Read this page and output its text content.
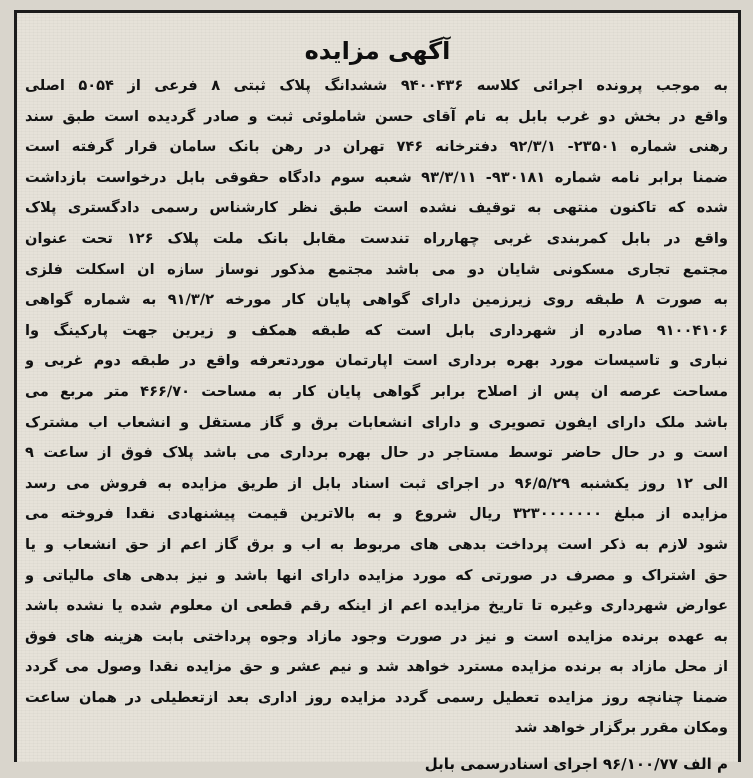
آگهی مزایده
به موجب پرونده اجرائی کلاسه ۹۴۰۰۴۳۶ ششدانگ پلاک ثبتی ۸ فرعی از ۵۰۵۴ اصلی
واقع در بخش دو غرب بابل به نام آقای حسن شاملوئی ثبت و صادر گردیده است طبق سند
رهنی شماره ۲۳۵۰۱- ۹۲/۳/۱ دفترخانه ۷۴۶ تهران در رهن بانک سامان قرار گرفته است
ضمنا برابر نامه شماره ۹۳۰۱۸۱- ۹۳/۳/۱۱ شعبه سوم دادگاه حقوقی بابل درخواست بازداشت
شده که تاکنون منتهی به توقیف نشده است طبق نظر کارشناس رسمی دادگستری پلاک
واقع در بابل کمربندی غربی چهارراه تندست مقابل بانک ملت پلاک ۱۲۶ تحت عنوان
مجتمع تجاری مسکونی شایان دو می باشد مجتمع مذکور نوساز سازه ان اسکلت فلزی
به صورت ۸ طبقه روی زیرزمین دارای گواهی پایان کار مورخه ۹۱/۳/۲ به شماره گواهی
۹۱۰۰۴۱۰۶ صادره از شهرداری بابل است که طبقه همکف و زیرین جهت پارکینگ وا
نباری و تاسیسات مورد بهره برداری است اپارتمان موردتعرفه واقع در طبقه دوم غربی و
مساحت عرصه ان پس از اصلاح برابر گواهی پایان کار به مساحت ۴۶۶/۷۰ متر مربع می
باشد ملک دارای ایفون تصویری و دارای انشعابات برق و گاز مستقل و انشعاب اب مشترک
است و در حال حاضر توسط مستاجر در حال بهره برداری می باشد پلاک فوق از ساعت ۹
الی ۱۲ روز یکشنبه ۹۶/۵/۲۹ در اجرای ثبت اسناد بابل از طریق مزایده به فروش می رسد
مزایده از مبلغ ۳۲۳۰۰۰۰۰۰۰ ریال شروع و به بالاترین قیمت پیشنهادی نقدا فروخته می
شود لازم به ذکر است پرداخت بدهی های مربوط به اب و برق گاز اعم از حق انشعاب و یا
حق اشتراک و مصرف در صورتی که مورد مزایده دارای انها باشد و نیز بدهی های مالیاتی و
عوارض شهرداری وغیره تا تاریخ مزایده اعم از اینکه رقم قطعی ان معلوم شده یا نشده باشد
به عهده برنده مزایده است و نیز در صورت وجود مازاد وجوه پرداختی بابت هزینه های فوق
از محل مازاد به برنده مزایده مسترد خواهد شد و نیم عشر و حق مزایده نقدا وصول می گردد
ضمنا چنانچه روز مزایده تعطیل رسمی گردد مزایده روز اداری بعد ازتعطیلی در همان ساعت
ومکان مقرر برگزار خواهد شد
م الف ۹۶/۱۰۰/۷۷ اجرای اسنادرسمی بابل
